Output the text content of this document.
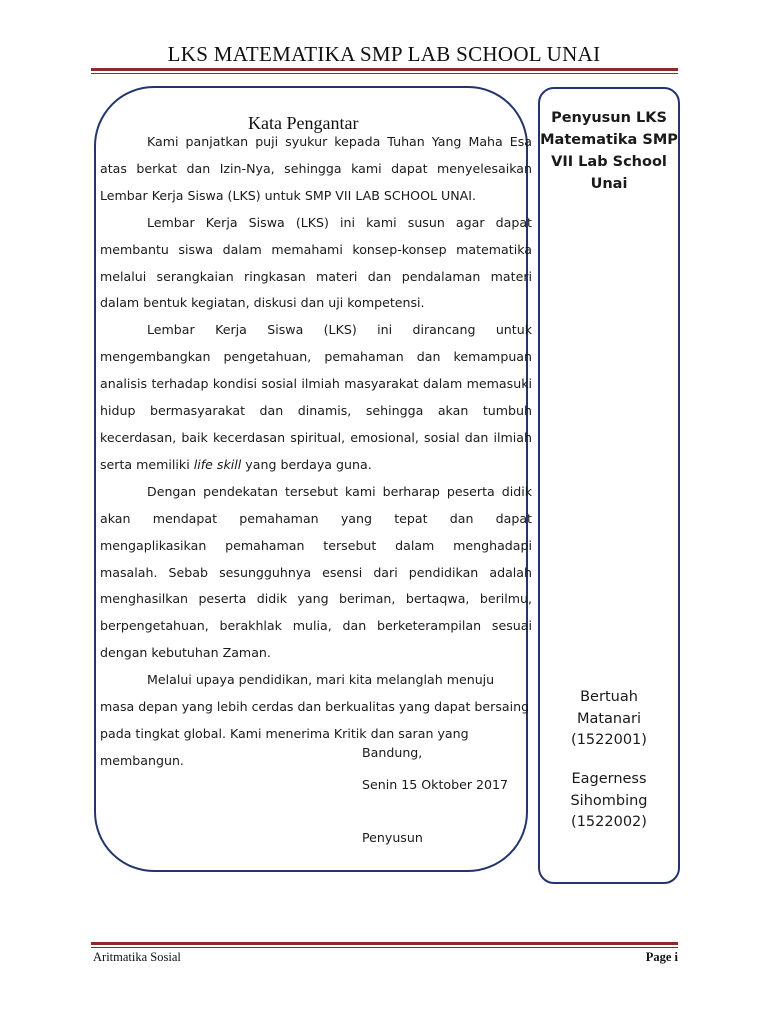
LKS MATEMATIKA SMP LAB SCHOOL UNAI
Kata Pengantar

Kami panjatkan puji syukur kepada Tuhan Yang Maha Esa atas berkat dan Izin-Nya, sehingga kami dapat menyelesaikan Lembar Kerja Siswa (LKS) untuk SMP VII LAB SCHOOL UNAI.

Lembar Kerja Siswa (LKS) ini kami susun agar dapat membantu siswa dalam memahami konsep-konsep matematika melalui serangkaian ringkasan materi dan pendalaman materi dalam bentuk kegiatan, diskusi dan uji kompetensi.

Lembar Kerja Siswa (LKS) ini dirancang untuk mengembangkan pengetahuan, pemahaman dan kemampuan analisis terhadap kondisi sosial ilmiah masyarakat dalam memasuki hidup bermasyarakat dan dinamis, sehingga akan tumbuh kecerdasan, baik kecerdasan spiritual, emosional, sosial dan ilmiah serta memiliki life skill yang berdaya guna.

Dengan pendekatan tersebut kami berharap peserta didik akan mendapat pemahaman yang tepat dan dapat mengaplikasikan pemahaman tersebut dalam menghadapi masalah. Sebab sesungguhnya esensi dari pendidikan adalah menghasilkan peserta didik yang beriman, bertaqwa, berilmu, berpengetahuan, berakhlak mulia, dan berketerampilan sesuai dengan kebutuhan Zaman.

Melalui upaya pendidikan, mari kita melanglah menuju masa depan yang lebih cerdas dan berkualitas yang dapat bersaing pada tingkat global. Kami menerima Kritik dan saran yang membangun.

Bandung,
Senin 15 Oktober 2017
Penyusun
Penyusun LKS Matematika SMP VII Lab School Unai
Bertuah
Matanari
(1522001)
Eagerness
Sihombing
(1522002)
Aritmatika Sosial	Page i
